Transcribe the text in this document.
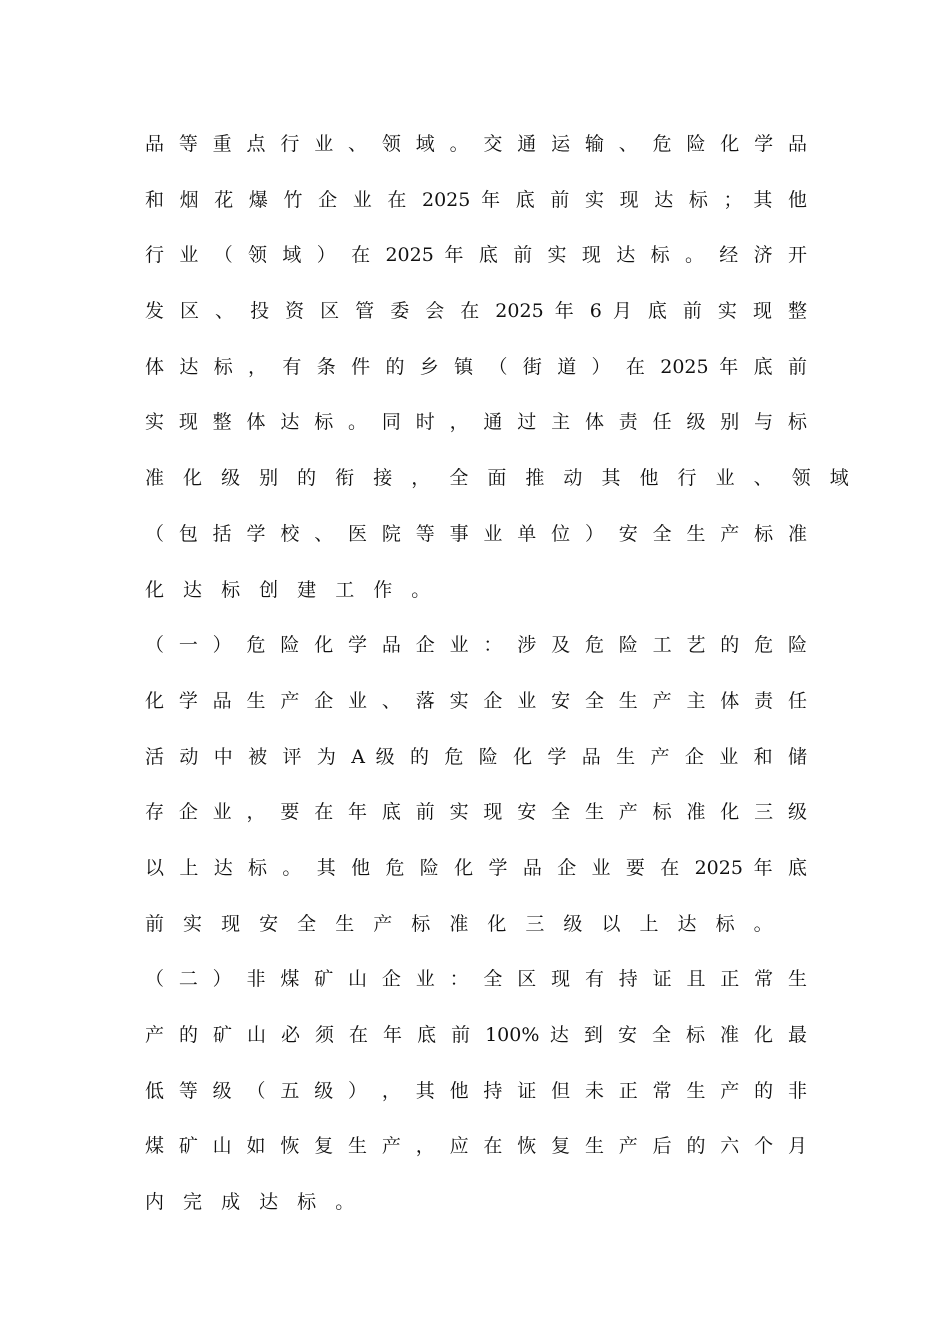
品 等 重 点 行 业 、 领 域 。 交 通 运 输 、 危 险 化 学 品
和 烟 花 爆 竹 企 业 在 2025 年 底 前 实 现 达 标 ； 其 他
行 业 （ 领 域 ） 在 2025 年 底 前 实 现 达 标 。 经 济 开
发 区 、 投 资 区 管 委 会 在 2025 年 6 月 底 前 实 现 整
体 达 标 ， 有 条 件 的 乡 镇 （ 街 道 ） 在 2025 年 底 前
实 现 整 体 达 标 。 同 时 ， 通 过 主 体 责 任 级 别 与 标
准 化 级 别 的 衔 接 ， 全 面 推 动 其 他 行 业 、 领 域
（ 包 括 学 校 、 医 院 等 事 业 单 位 ） 安 全 生 产 标 准
化 达 标 创 建 工 作 。
（ 一 ） 危 险 化 学 品 企 业 ： 涉 及 危 险 工 艺 的 危 险
化 学 品 生 产 企 业 、 落 实 企 业 安 全 生 产 主 体 责 任
活 动 中 被 评 为 A 级 的 危 险 化 学 品 生 产 企 业 和 储
存 企 业 ， 要 在 年 底 前 实 现 安 全 生 产 标 准 化 三 级
以 上 达 标 。 其 他 危 险 化 学 品 企 业 要 在 2025 年 底
前 实 现 安 全 生 产 标 准 化 三 级 以 上 达 标 。
（ 二 ） 非 煤 矿 山 企 业 ： 全 区 现 有 持 证 且 正 常 生
产 的 矿 山 必 须 在 年 底 前 100% 达 到 安 全 标 准 化 最
低 等 级 （ 五 级 ） ， 其 他 持 证 但 未 正 常 生 产 的 非
煤 矿 山 如 恢 复 生 产 ， 应 在 恢 复 生 产 后 的 六 个 月
内 完 成 达 标 。
